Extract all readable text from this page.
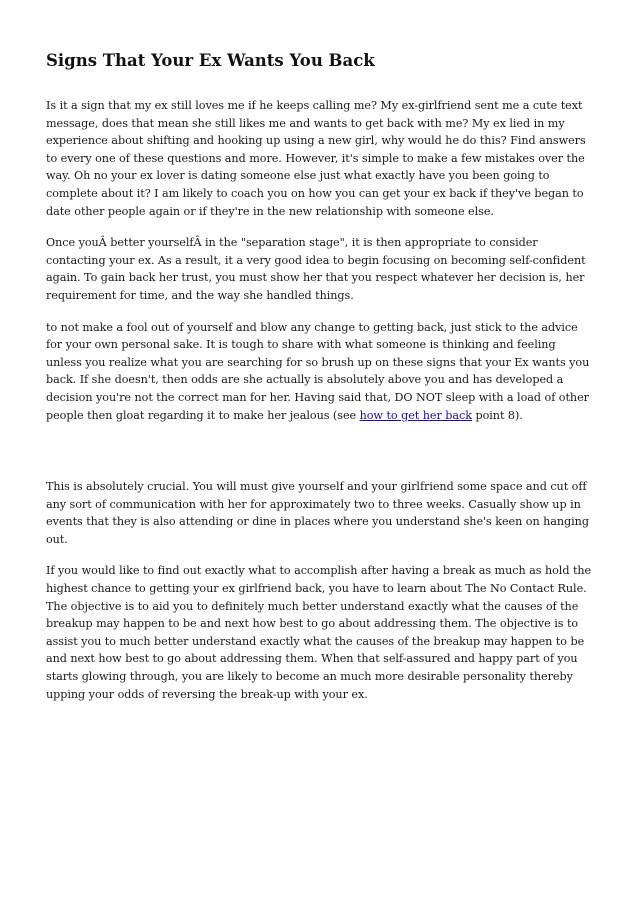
Signs That Your Ex Wants You Back

Is it a sign that my ex still loves me if he keeps calling me? My ex-girlfriend sent me a cute text message, does that mean she still likes me and wants to get back with me? My ex lied in my experience about shifting and hooking up using a new girl, why would he do this? Find answers to every one of these questions and more. However, it's simple to make a few mistakes over the way. Oh no your ex lover is dating someone else just what exactly have you been going to complete about it? I am likely to coach you on how you can get your ex back if they've began to date other people again or if they're in the new relationship with someone else.

Once youÂ better yourselfÂ in the "separation stage", it is then appropriate to consider contacting your ex. As a result, it a very good idea to begin focusing on becoming self-confident again. To gain back her trust, you must show her that you respect whatever her decision is, her requirement for time, and the way she handled things.

to not make a fool out of yourself and blow any change to getting back, just stick to the advice for your own personal sake. It is tough to share with what someone is thinking and feeling unless you realize what you are searching for so brush up on these signs that your Ex wants you back. If she doesn't, then odds are she actually is absolutely above you and has developed a decision you're not the correct man for her. Having said that, DO NOT sleep with a load of other people then gloat regarding it to make her jealous (see how to get her back point 8).

This is absolutely crucial. You will must give yourself and your girlfriend some space and cut off any sort of communication with her for approximately two to three weeks. Casually show up in events that they is also attending or dine in places where you understand she's keen on hanging out.

If you would like to find out exactly what to accomplish after having a break as much as hold the highest chance to getting your ex girlfriend back, you have to learn about The No Contact Rule. The objective is to aid you to definitely much better understand exactly what the causes of the breakup may happen to be and next how best to go about addressing them. The objective is to assist you to much better understand exactly what the causes of the breakup may happen to be and next how best to go about addressing them. When that self-assured and happy part of you starts glowing through, you are likely to become an much more desirable personality thereby upping your odds of reversing the break-up with your ex.
